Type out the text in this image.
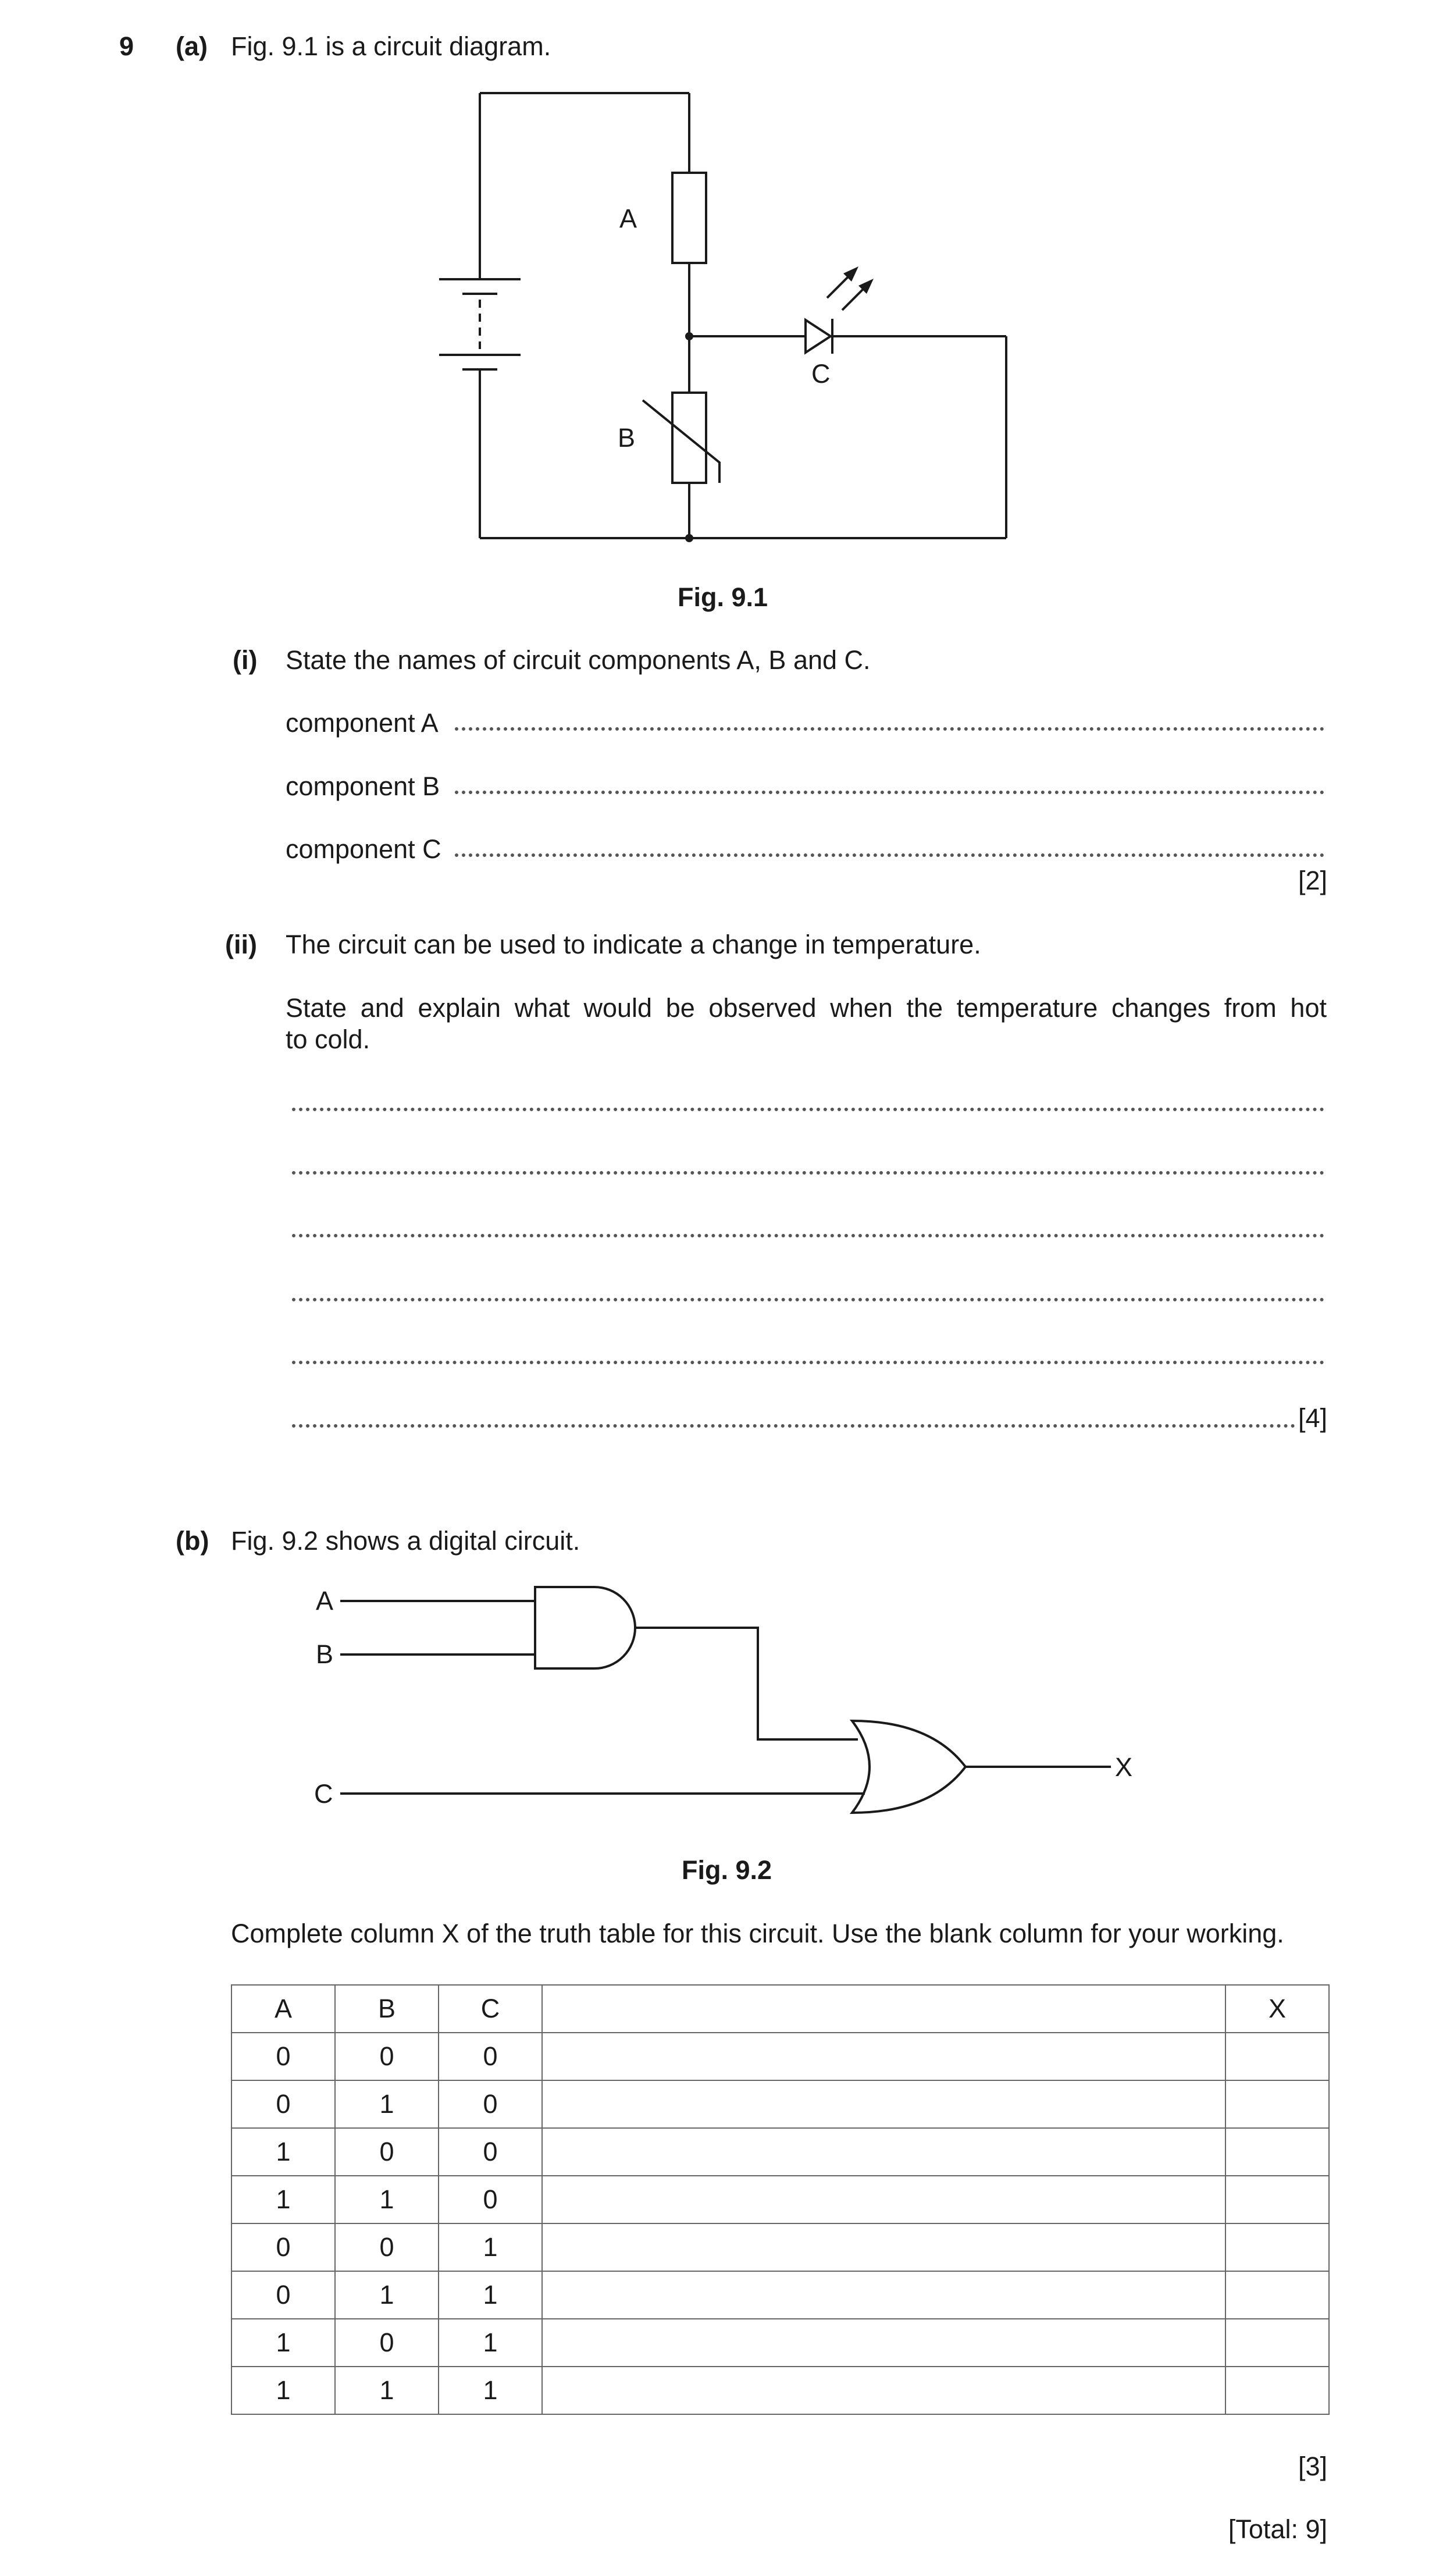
9 (a) Fig. 9.1 is a circuit diagram.
A
B
C
Fig. 9.1
(i) State the names of circuit components A, B and C.
component A
component B
component C
[2]
(ii) The circuit can be used to indicate a change in temperature.
State and explain what would be observed when the temperature changes from hot
to cold.
[4]
(b) Fig. 9.2 shows a digital circuit.
A
B
C
X
Fig. 9.2
Complete column X of the truth table for this circuit. Use the blank column for your working.
A	B	C		X
0	0	0		
0	1	0		
1	0	0		
1	1	0		
0	0	1		
0	1	1		
1	0	1		
1	1	1		
[3]
[Total: 9]
